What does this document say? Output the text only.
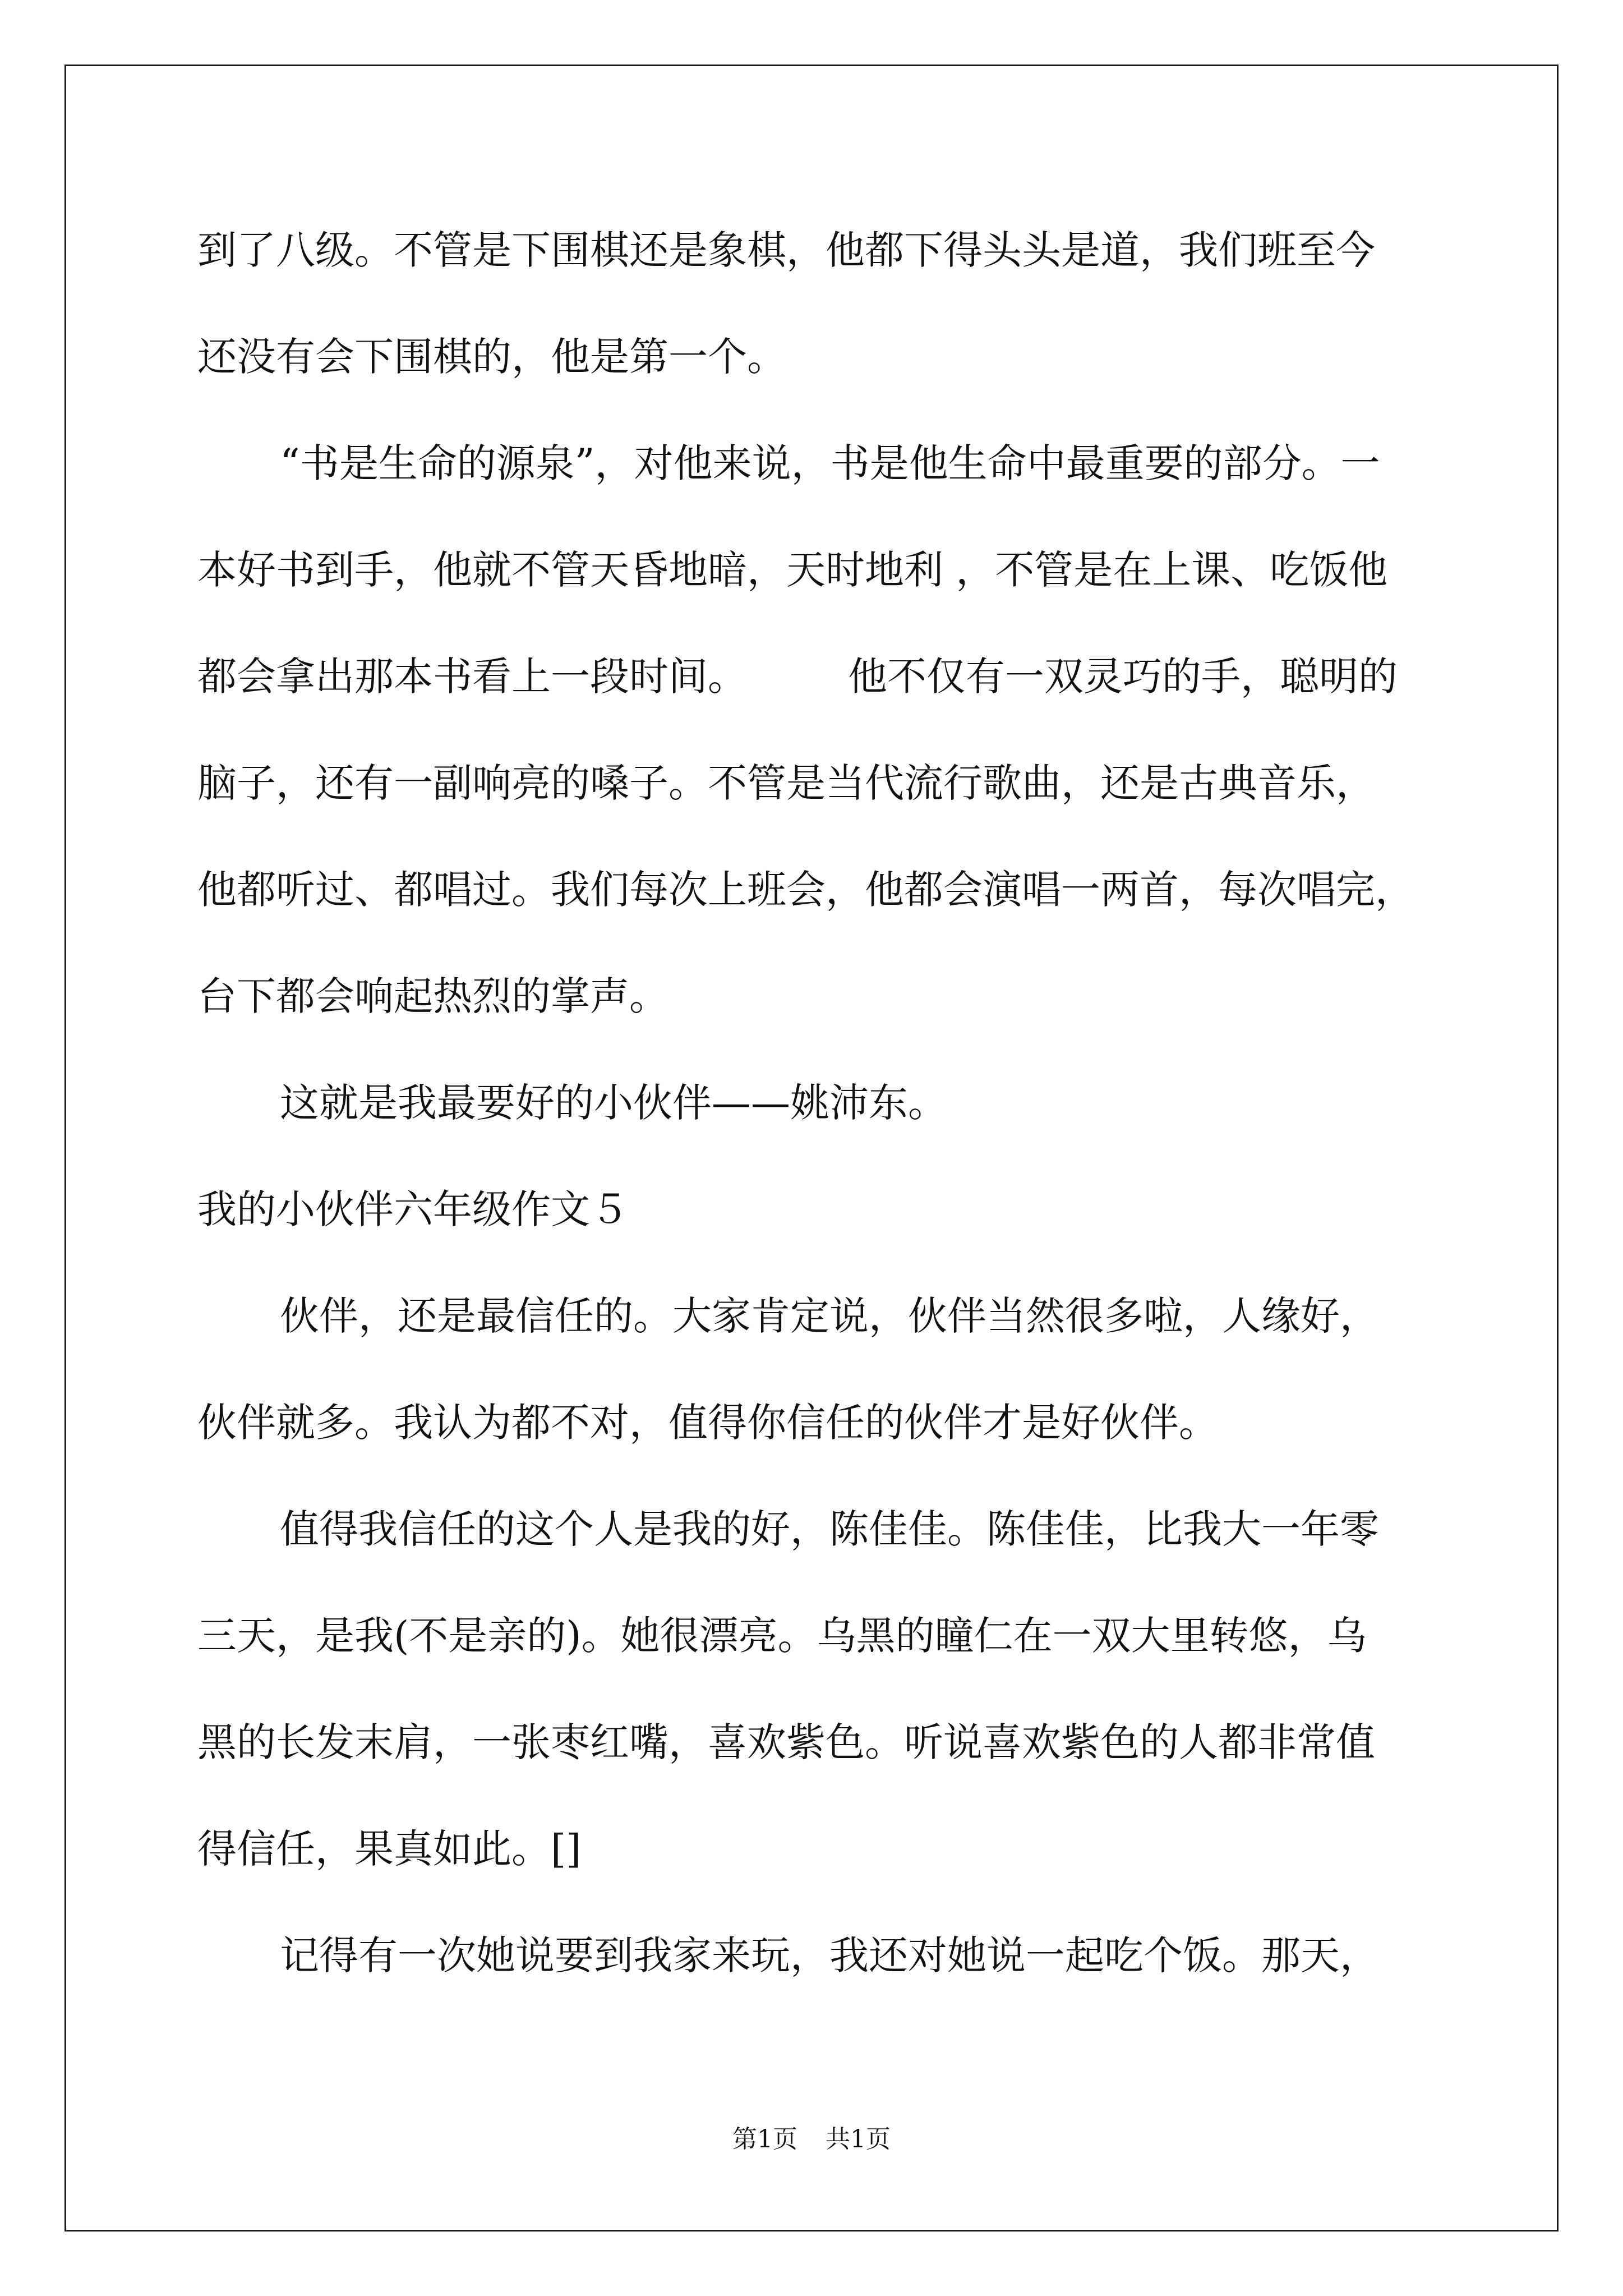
到了八级。不管是下围棋还是象棋，他都下得头头是道，我们班至今
还没有会下围棋的，他是第一个。
“书是生命的源泉”，对他来说，书是他生命中最重要的部分。一
本好书到手，他就不管天昏地暗，天时地利 ，不管是在上课、吃饭他
都会拿出那本书看上一段时间。	他不仅有一双灵巧的手，聪明的
脑子，还有一副响亮的嗓子。不管是当代流行歌曲，还是古典音乐，
他都听过、都唱过。我们每次上班会，他都会演唱一两首，每次唱完，
台下都会响起热烈的掌声。
这就是我最要好的小伙伴——姚沛东。
我的小伙伴六年级作文５
伙伴，还是最信任的。大家肯定说，伙伴当然很多啦，人缘好，
伙伴就多。我认为都不对，值得你信任的伙伴才是好伙伴。
值得我信任的这个人是我的好，陈佳佳。陈佳佳，比我大一年零
三天，是我(不是亲的)。她很漂亮。乌黑的瞳仁在一双大里转悠，乌
黑的长发末肩，一张枣红嘴，喜欢紫色。听说喜欢紫色的人都非常值
得信任，果真如此。[]
记得有一次她说要到我家来玩，我还对她说一起吃个饭。那天，
第1页 共1页
